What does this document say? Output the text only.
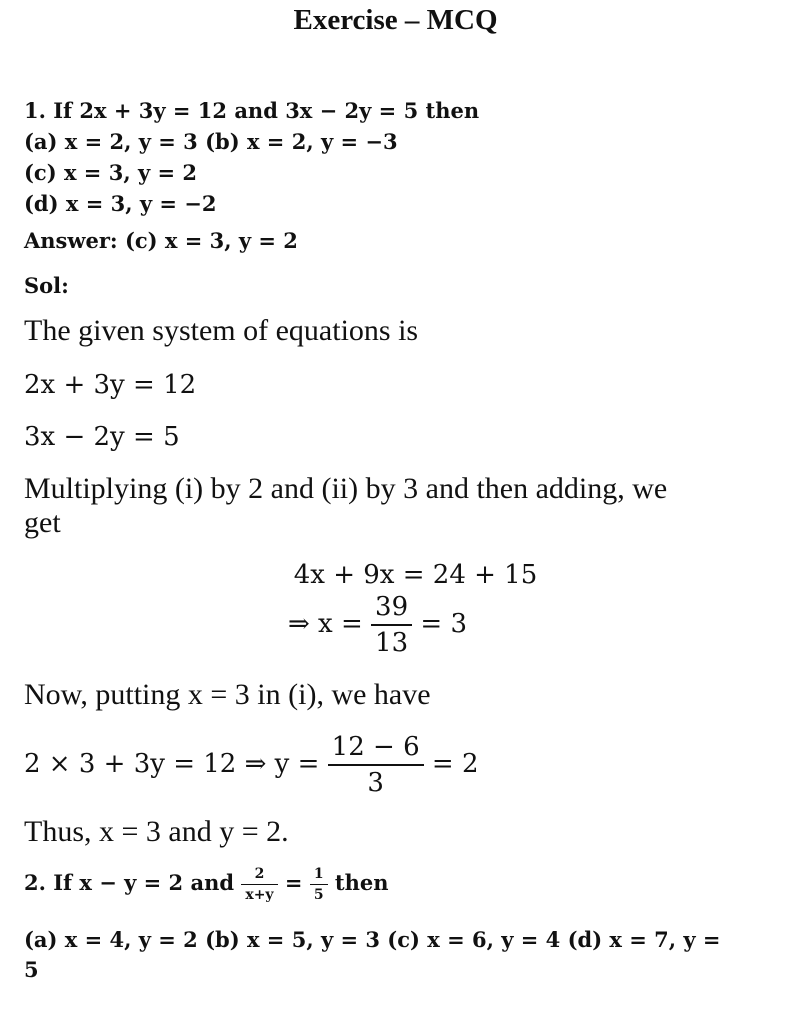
Exercise – MCQ
1. If 2x + 3y = 12 and 3x − 2y = 5 then
(a) x = 2, y = 3 (b) x = 2, y = −3
(c) x = 3, y = 2
(d) x = 3, y = −2
Answer: (c) x = 3, y = 2
Sol:
The given system of equations is
2x + 3y = 12
3x − 2y = 5
Multiplying (i) by 2 and (ii) by 3 and then adding, we
get
4x + 9x = 24 + 15
⇒ $x = \frac{39}{13} = 3$
Now, putting x = 3 in (i), we have
2 × 3 + 3y = 12 ⇒ $y = \frac{12 - 6}{3} = 2$
Thus, x = 3 and y = 2.
2. If x − y = 2 and $\frac{2}{x+y} = \frac{1}{5}$ then
(a) x = 4, y = 2 (b) x = 5, y = 3 (c) x = 6, y = 4 (d) x = 7, y =
5
